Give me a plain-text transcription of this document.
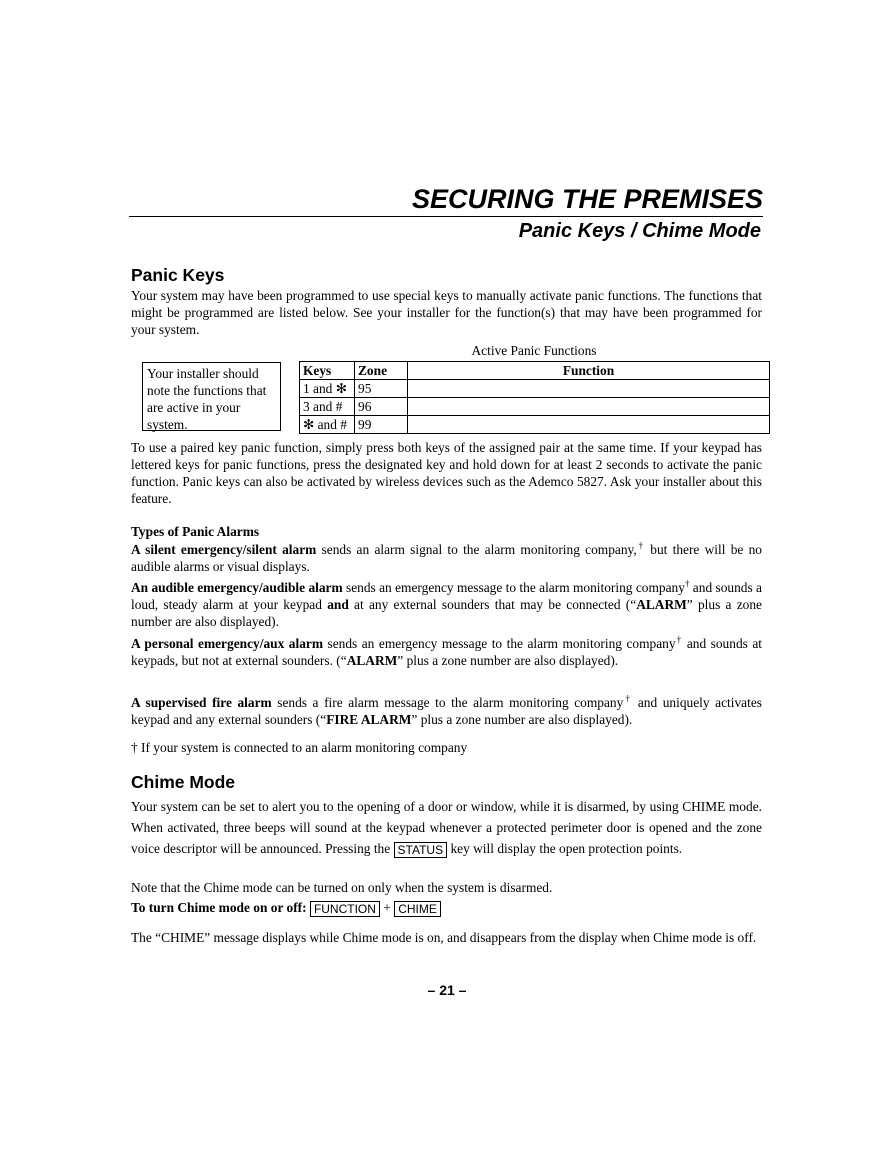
SECURING THE PREMISES
Panic Keys / Chime Mode
Panic Keys

Your system may have been programmed to use special keys to manually activate panic functions. The functions that might be programmed are listed below. See your installer for the function(s) that may have been programmed for your system.

Your installer should note the functions that are active in your system.
Active Panic Functions
Keys	Zone	Function
1 and ✻	95	
3 and #	96	
✻ and #	99	

To use a paired key panic function, simply press both keys of the assigned pair at the same time. If your keypad has lettered keys for panic functions, press the designated key and hold down for at least 2 seconds to activate the panic function. Panic keys can also be activated by wireless devices such as the Ademco 5827. Ask your installer about this feature.

Types of Panic Alarms

A silent emergency/silent alarm sends an alarm signal to the alarm monitoring company,† but there will be no audible alarms or visual displays.

An audible emergency/audible alarm sends an emergency message to the alarm monitoring company† and sounds a loud, steady alarm at your keypad and at any external sounders that may be connected (“ALARM” plus a zone number are also displayed).

A personal emergency/aux alarm sends an emergency message to the alarm monitoring company† and sounds at keypads, but not at external sounders. (“ALARM” plus a zone number are also displayed).

A supervised fire alarm sends a fire alarm message to the alarm monitoring company† and uniquely activates keypad and any external sounders (“FIRE ALARM” plus a zone number are also displayed).

† If your system is connected to an alarm monitoring company

Chime Mode

Your system can be set to alert you to the opening of a door or window, while it is disarmed, by using CHIME mode. When activated, three beeps will sound at the keypad whenever a protected perimeter door is opened and the zone voice descriptor will be announced. Pressing the STATUS key will display the open protection points.

Note that the Chime mode can be turned on only when the system is disarmed.

To turn Chime mode on or off: FUNCTION + CHIME

The “CHIME” message displays while Chime mode is on, and disappears from the display when Chime mode is off.

– 21 –
